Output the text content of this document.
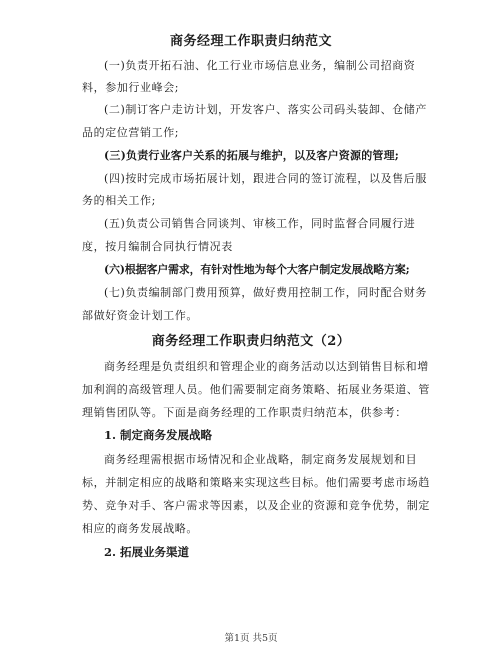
商务经理工作职责归纳范文
(一)负责开拓石油、化工行业市场信息业务，编制公司招商资
料，参加行业峰会;
(二)制订客户走访计划，开发客户、落实公司码头装卸、仓储产
品的定位营销工作;
(三)负责行业客户关系的拓展与维护，以及客户资源的管理;
(四)按时完成市场拓展计划，跟进合同的签订流程，以及售后服
务的相关工作;
(五)负责公司销售合同谈判、审核工作，同时监督合同履行进
度，按月编制合同执行情况表
(六)根据客户需求，有针对性地为每个大客户制定发展战略方案;
(七)负责编制部门费用预算，做好费用控制工作，同时配合财务
部做好资金计划工作。
商务经理工作职责归纳范文（2）
商务经理是负责组织和管理企业的商务活动以达到销售目标和增
加利润的高级管理人员。他们需要制定商务策略、拓展业务渠道、管
理销售团队等。下面是商务经理的工作职责归纳范本，供参考：
1. 制定商务发展战略
商务经理需根据市场情况和企业战略，制定商务发展规划和目
标，并制定相应的战略和策略来实现这些目标。他们需要考虑市场趋
势、竞争对手、客户需求等因素，以及企业的资源和竞争优势，制定
相应的商务发展战略。
2. 拓展业务渠道
第1页 共5页
